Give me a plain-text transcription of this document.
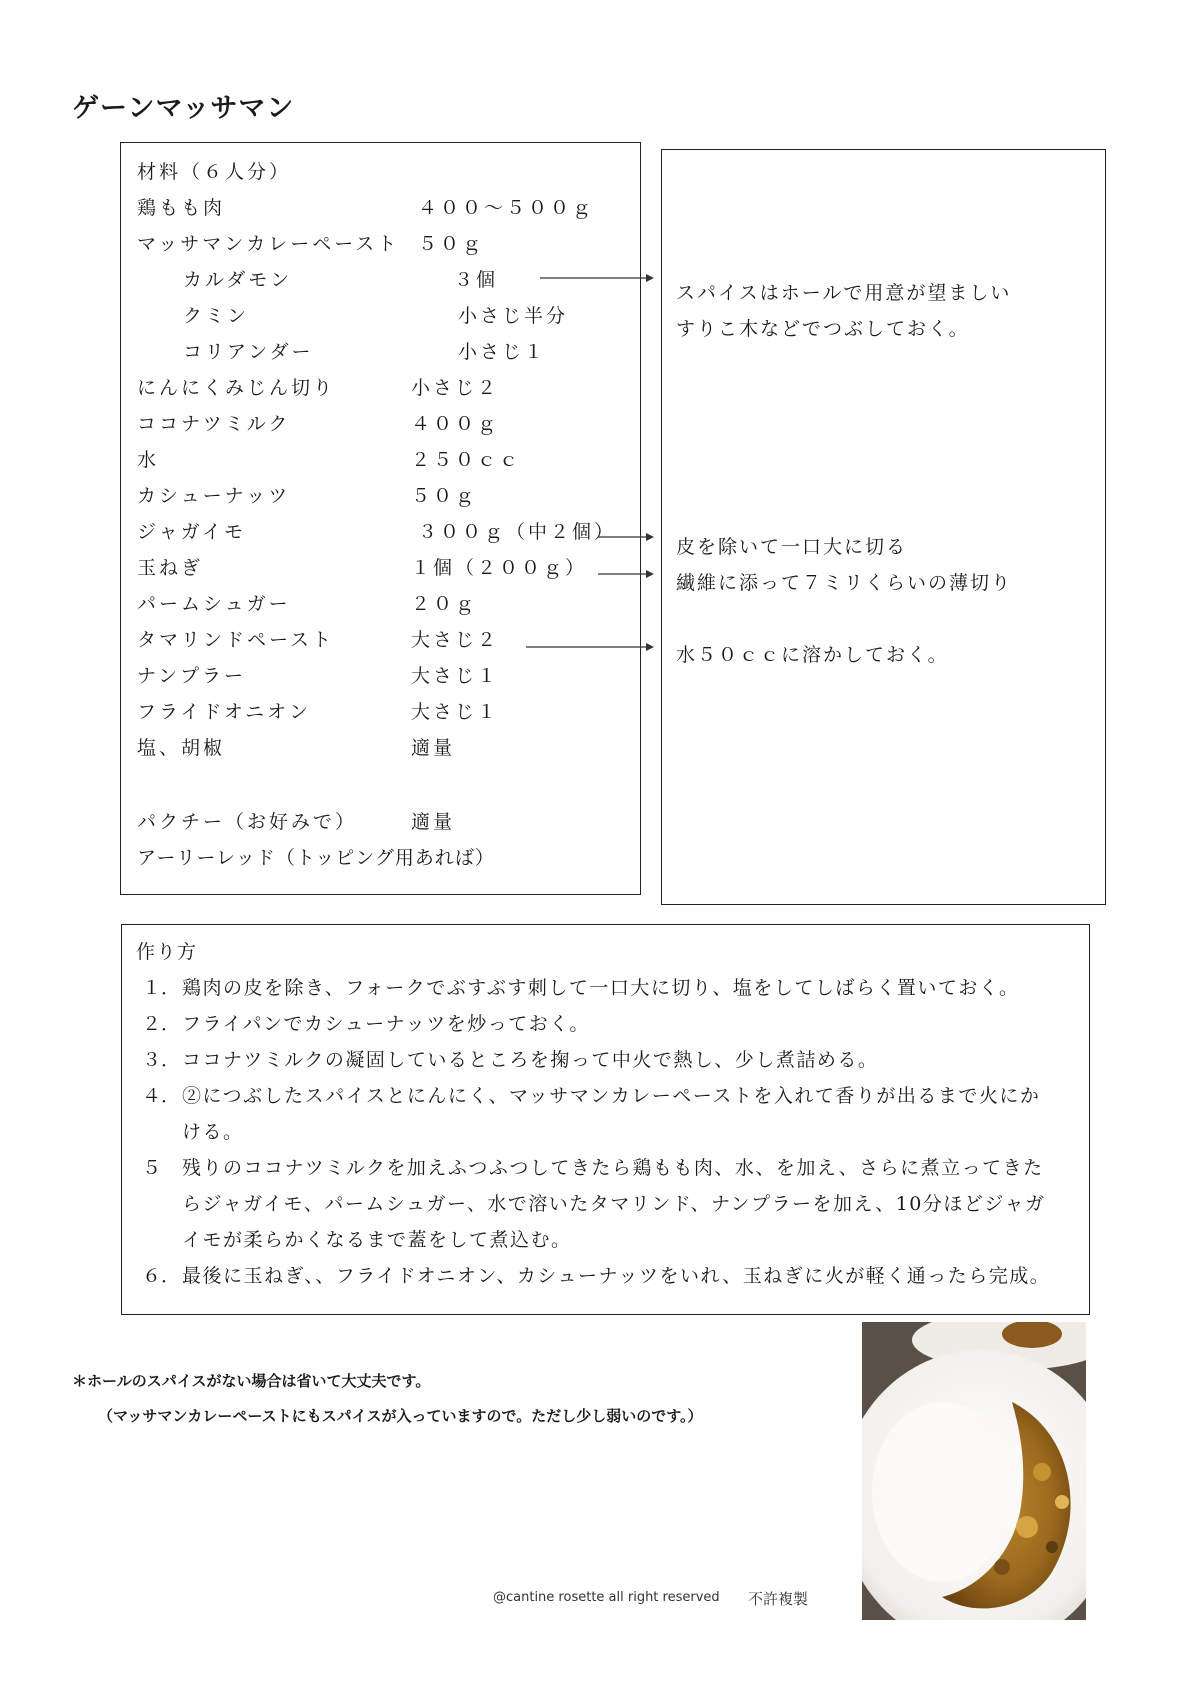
ゲーンマッサマン
材料（６人分）
鶏もも肉	４００～５００ｇ
マッサマンカレーペースト ５０ｇ
カルダモン	３個
クミン	小さじ半分
コリアンダー	小さじ１
にんにくみじん切り	小さじ２
ココナツミルク	４００ｇ
水	２５０ｃｃ
カシューナッツ	５０ｇ
ジャガイモ	３００ｇ（中２個）
玉ねぎ	１個（２００ｇ）
パームシュガー	２０ｇ
タマリンドペースト	大さじ２
ナンプラー	大さじ１
フライドオニオン	大さじ１
塩、胡椒	適量
パクチー（お好みで）	適量
アーリーレッド（トッピング用あれば）
スパイスはホールで用意が望ましい
すりこ木などでつぶしておく。
皮を除いて一口大に切る
繊維に添って７ミリくらいの薄切り
水５０ｃｃに溶かしておく。
作り方
１． 鶏肉の皮を除き、フォークでぶすぶす刺して一口大に切り、塩をしてしばらく置いておく。
２． フライパンでカシューナッツを炒っておく。
３． ココナツミルクの凝固しているところを掬って中火で熱し、少し煮詰める。
４． ②につぶしたスパイスとにんにく、マッサマンカレーペーストを入れて香りが出るまで火にか
ける。
５ 残りのココナツミルクを加えふつふつしてきたら鶏もも肉、水、を加え、さらに煮立ってきた
らジャガイモ、パームシュガー、水で溶いたタマリンド、ナンプラーを加え、10分ほどジャガ
イモが柔らかくなるまで蓋をして煮込む。
６． 最後に玉ねぎ、、フライドオニオン、カシューナッツをいれ、玉ねぎに火が軽く通ったら完成。
＊ホールのスパイスがない場合は省いて大丈夫です。
（マッサマンカレーペーストにもスパイスが入っていますので。ただし少し弱いのです。）
@cantine rosette all right reserved 不許複製
